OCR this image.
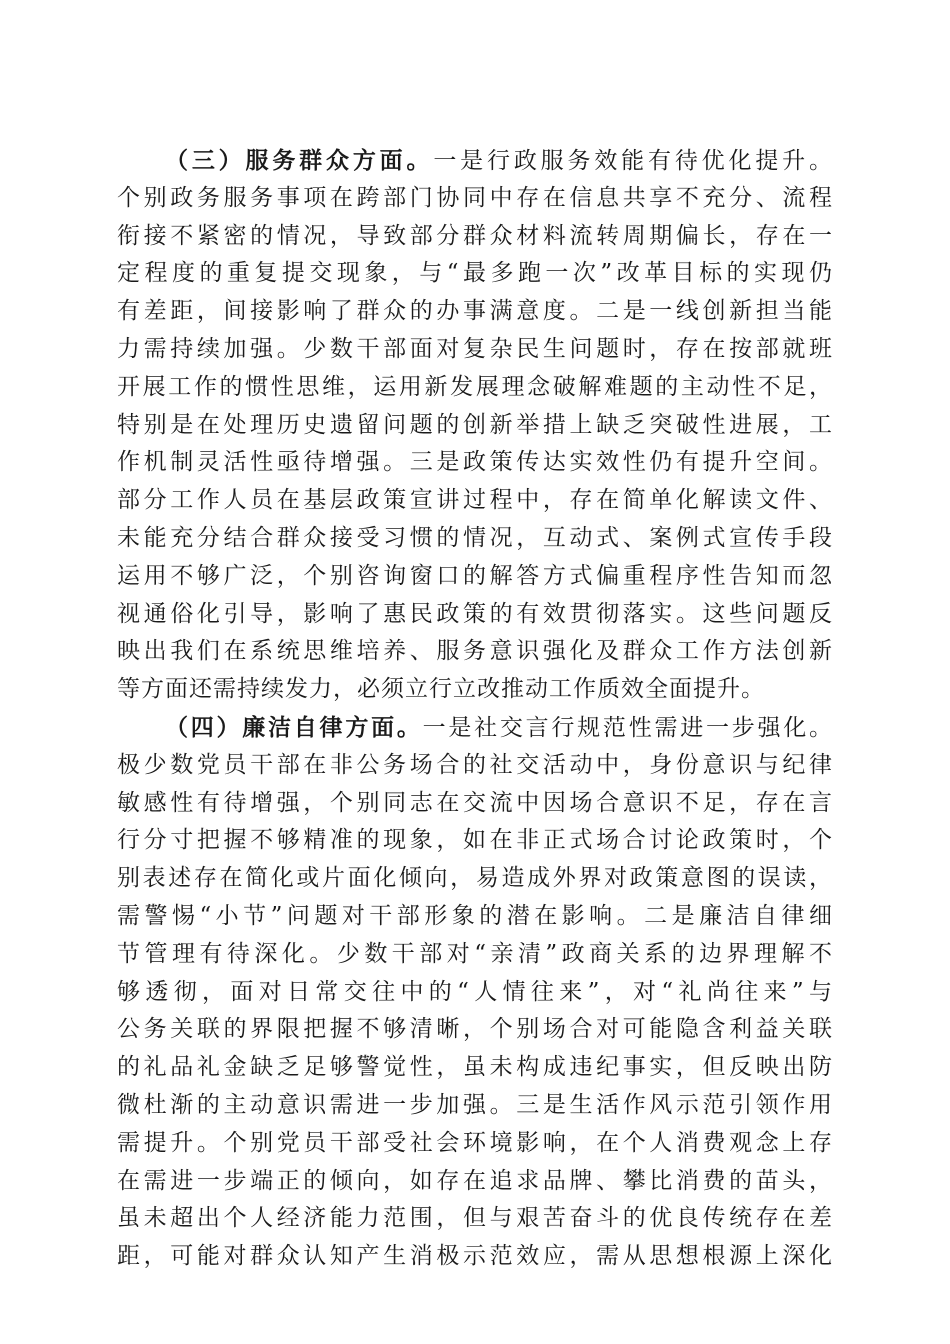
（三）服务群众方面。一是行政服务效能有待优化提升。
个别政务服务事项在跨部门协同中存在信息共享不充分、流程
衔接不紧密的情况，导致部分群众材料流转周期偏长，存在一
定程度的重复提交现象，与“最多跑一次”改革目标的实现仍
有差距，间接影响了群众的办事满意度。二是一线创新担当能
力需持续加强。少数干部面对复杂民生问题时，存在按部就班
开展工作的惯性思维，运用新发展理念破解难题的主动性不足，
特别是在处理历史遗留问题的创新举措上缺乏突破性进展，工
作机制灵活性亟待增强。三是政策传达实效性仍有提升空间。
部分工作人员在基层政策宣讲过程中，存在简单化解读文件、
未能充分结合群众接受习惯的情况，互动式、案例式宣传手段
运用不够广泛，个别咨询窗口的解答方式偏重程序性告知而忽
视通俗化引导，影响了惠民政策的有效贯彻落实。这些问题反
映出我们在系统思维培养、服务意识强化及群众工作方法创新
等方面还需持续发力，必须立行立改推动工作质效全面提升。
（四）廉洁自律方面。一是社交言行规范性需进一步强化。
极少数党员干部在非公务场合的社交活动中，身份意识与纪律
敏感性有待增强，个别同志在交流中因场合意识不足，存在言
行分寸把握不够精准的现象，如在非正式场合讨论政策时，个
别表述存在简化或片面化倾向，易造成外界对政策意图的误读，
需警惕“小节”问题对干部形象的潜在影响。二是廉洁自律细
节管理有待深化。少数干部对“亲清”政商关系的边界理解不
够透彻，面对日常交往中的“人情往来”，对“礼尚往来”与
公务关联的界限把握不够清晰，个别场合对可能隐含利益关联
的礼品礼金缺乏足够警觉性，虽未构成违纪事实，但反映出防
微杜渐的主动意识需进一步加强。三是生活作风示范引领作用
需提升。个别党员干部受社会环境影响，在个人消费观念上存
在需进一步端正的倾向，如存在追求品牌、攀比消费的苗头，
虽未超出个人经济能力范围，但与艰苦奋斗的优良传统存在差
距，可能对群众认知产生消极示范效应，需从思想根源上深化
